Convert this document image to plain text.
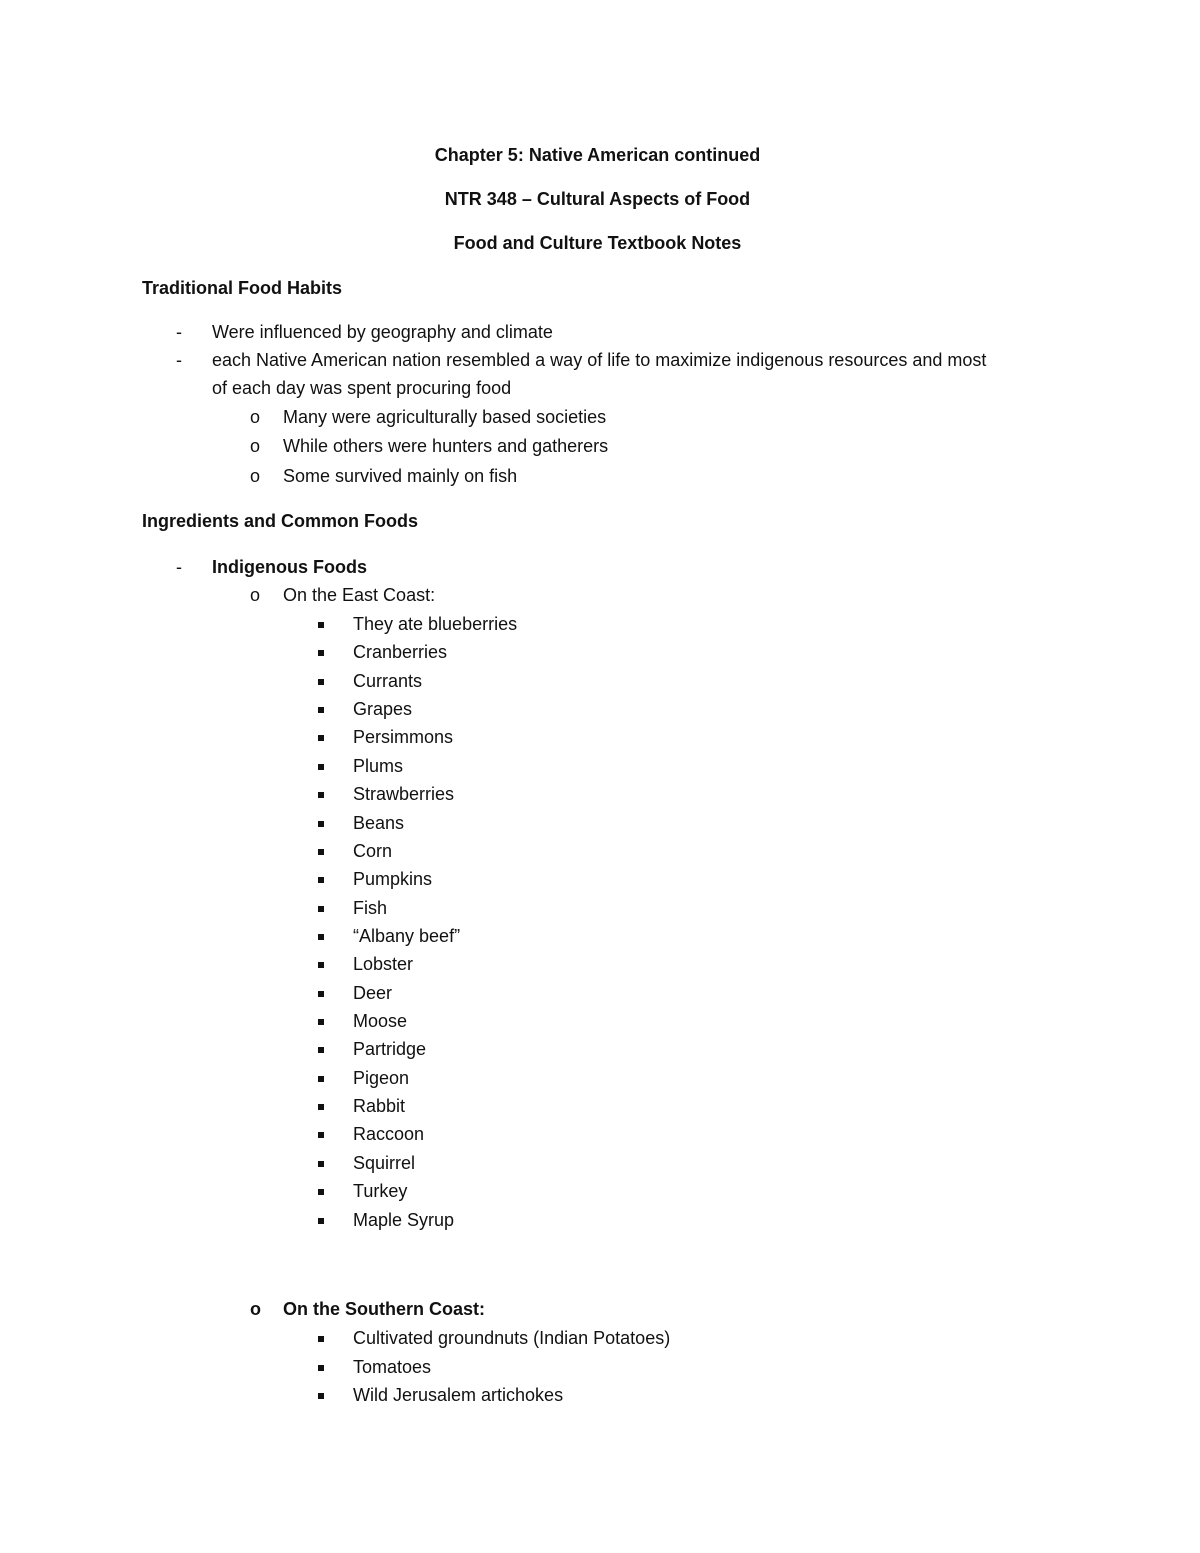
Chapter 5: Native American continued
NTR 348 – Cultural Aspects of Food
Food and Culture Textbook Notes
Traditional Food Habits
- Were influenced by geography and climate
- each Native American nation resembled a way of life to maximize indigenous resources and most
of each day was spent procuring food
o Many were agriculturally based societies
o While others were hunters and gatherers
o Some survived mainly on fish
Ingredients and Common Foods
- Indigenous Foods
o On the East Coast:
They ate blueberries
Cranberries
Currants
Grapes
Persimmons
Plums
Strawberries
Beans
Corn
Pumpkins
Fish
“Albany beef”
Lobster
Deer
Moose
Partridge
Pigeon
Rabbit
Raccoon
Squirrel
Turkey
Maple Syrup
o On the Southern Coast:
Cultivated groundnuts (Indian Potatoes)
Tomatoes
Wild Jerusalem artichokes
